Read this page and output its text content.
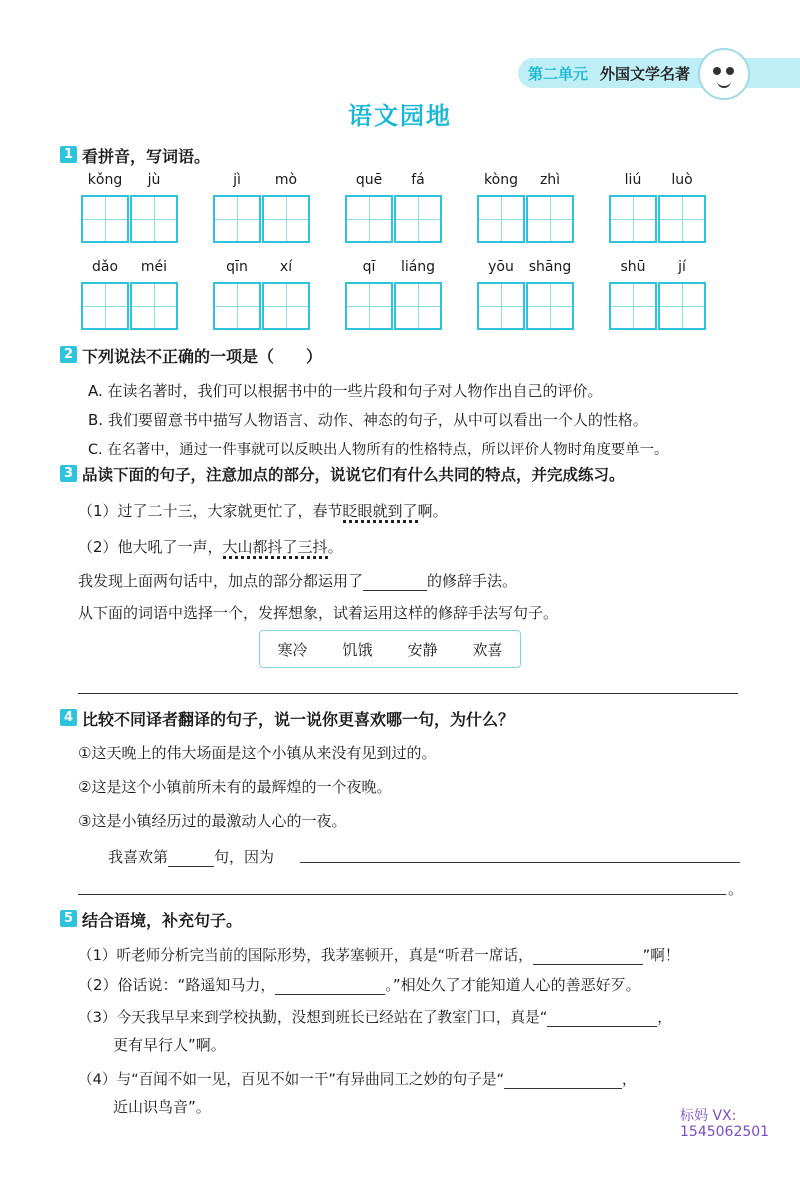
第二单元 外国文学名著
语文园地
1 看拼音，写词语。
kǒng	jù	jì	mò	quē	fá	kòng	zhì	liú	luò
dǎo	méi	qīn	xí	qī	liáng	yōu	shāng	shū	jí
2 下列说法不正确的一项是（　　）
A. 在读名著时，我们可以根据书中的一些片段和句子对人物作出自己的评价。
B. 我们要留意书中描写人物语言、动作、神态的句子，从中可以看出一个人的性格。
C. 在名著中，通过一件事就可以反映出人物所有的性格特点，所以评价人物时角度要单一。
3 品读下面的句子，注意加点的部分，说说它们有什么共同的特点，并完成练习。
（1）过了二十三，大家就更忙了，春节眨眼就到了啊。
（2）他大吼了一声，大山都抖了三抖。
我发现上面两句话中，加点的部分都运用了	的修辞手法。
从下面的词语中选择一个，发挥想象，试着运用这样的修辞手法写句子。
寒冷 饥饿 安静 欢喜
4 比较不同译者翻译的句子，说一说你更喜欢哪一句，为什么？
①这天晚上的伟大场面是这个小镇从来没有见到过的。
②这是这个小镇前所未有的最辉煌的一个夜晚。
③这是小镇经历过的最激动人心的一夜。
我喜欢第	句，因为
。
5 结合语境，补充句子。
（1）听老师分析完当前的国际形势，我茅塞顿开，真是“听君一席话，	”啊！
（2）俗话说：“路遥知马力，	。”相处久了才能知道人心的善恶好歹。
（3）今天我早早来到学校执勤，没想到班长已经站在了教室门口，真是“	，
更有早行人”啊。
（4）与“百闻不如一见，百见不如一干”有异曲同工之妙的句子是“	，
近山识鸟音”。	标妈 VX:
1545062501
